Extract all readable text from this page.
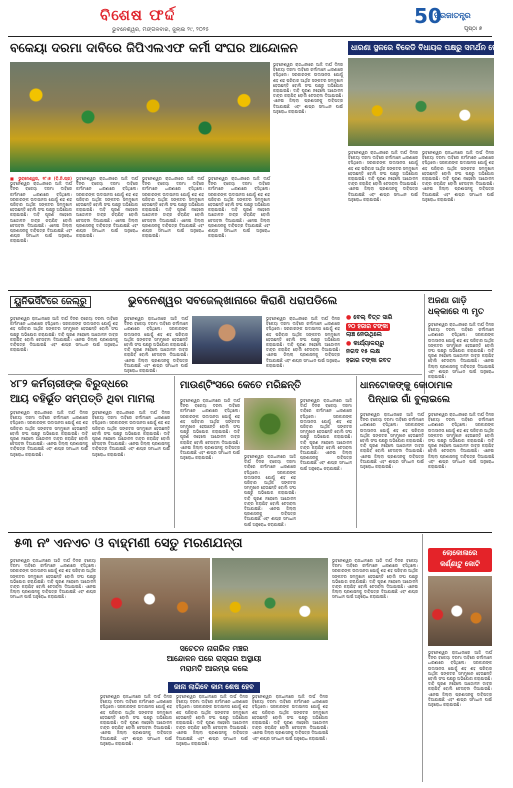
ବିଶେଷ ଫର୍ଦ୍ଦ
ଭୁବନେଶ୍ୱର, ମଙ୍ଗଳବାର, ଜୁଲାଇ ୨୯, ୨୦୨୫
50
ପ୍ରଜାତନ୍ତ୍ର
ପୃଷ୍ଠା ୭
ବକେୟା ଦରମା ଦାବିରେ ଜିପିଏଲଏଫ କର୍ମୀ ସଂଘର ଆନ୍ଦୋଳନ
ଭୁବନେଶ୍ୱର ରାଜଧାନୀରେ ଆଜି ଦୀର୍ଘ ଦିନର ବକେୟା ଦରମା ଦାବିରେ କର୍ମୀମାନେ ଧାରଣାରେ ବସିଥିଲେ। ସରକାରଙ୍କ ଉଦାସୀନତା ଯୋଗୁଁ ଶହ ଶହ ପରିବାର ଆର୍ଥିକ ସଙ୍କଟର ସମ୍ମୁଖୀନ ହେଉଛନ୍ତି ବୋଲି ସଂଘ ପକ୍ଷରୁ ଅଭିଯୋଗ କରାଯାଇଛି। ଦାବି ପୂରଣ ନହେଲେ ଆନ୍ଦୋଳନ ତୀବ୍ର କରାଯିବ ବୋଲି ଚେତାବନୀ ଦିଆଯାଇଛି। ଏନେଇ ଜିଲ୍ଲା ପ୍ରଶାସନକୁ ଦାବିପତ୍ର ଦିଆଯାଇଛି ଏବଂ ଶୀଘ୍ର ସମାଧାନ ପାଇଁ ଅନୁରୋଧ କରାଯାଇଛି।
■ ଭୁବନେଶ୍ୱର, ୨୮।୭ (ବି.ନି.ପ୍ର) ଭୁବନେଶ୍ୱର ରାଜଧାନୀରେ ଆଜି ଦୀର୍ଘ ଦିନର ବକେୟା ଦରମା ଦାବିରେ କର୍ମୀମାନେ ଧାରଣାରେ ବସିଥିଲେ। ସରକାରଙ୍କ ଉଦାସୀନତା ଯୋଗୁଁ ଶହ ଶହ ପରିବାର ଆର୍ଥିକ ସଙ୍କଟର ସମ୍ମୁଖୀନ ହେଉଛନ୍ତି ବୋଲି ସଂଘ ପକ୍ଷରୁ ଅଭିଯୋଗ କରାଯାଇଛି। ଦାବି ପୂରଣ ନହେଲେ ଆନ୍ଦୋଳନ ତୀବ୍ର କରାଯିବ ବୋଲି ଚେତାବନୀ ଦିଆଯାଇଛି। ଏନେଇ ଜିଲ୍ଲା ପ୍ରଶାସନକୁ ଦାବିପତ୍ର ଦିଆଯାଇଛି ଏବଂ ଶୀଘ୍ର ସମାଧାନ ପାଇଁ ଅନୁରୋଧ କରାଯାଇଛି।
ଭୁବନେଶ୍ୱର ରାଜଧାନୀରେ ଆଜି ଦୀର୍ଘ ଦିନର ବକେୟା ଦରମା ଦାବିରେ କର୍ମୀମାନେ ଧାରଣାରେ ବସିଥିଲେ। ସରକାରଙ୍କ ଉଦାସୀନତା ଯୋଗୁଁ ଶହ ଶହ ପରିବାର ଆର୍ଥିକ ସଙ୍କଟର ସମ୍ମୁଖୀନ ହେଉଛନ୍ତି ବୋଲି ସଂଘ ପକ୍ଷରୁ ଅଭିଯୋଗ କରାଯାଇଛି। ଦାବି ପୂରଣ ନହେଲେ ଆନ୍ଦୋଳନ ତୀବ୍ର କରାଯିବ ବୋଲି ଚେତାବନୀ ଦିଆଯାଇଛି। ଏନେଇ ଜିଲ୍ଲା ପ୍ରଶାସନକୁ ଦାବିପତ୍ର ଦିଆଯାଇଛି ଏବଂ ଶୀଘ୍ର ସମାଧାନ ପାଇଁ ଅନୁରୋଧ କରାଯାଇଛି।
ଭୁବନେଶ୍ୱର ରାଜଧାନୀରେ ଆଜି ଦୀର୍ଘ ଦିନର ବକେୟା ଦରମା ଦାବିରେ କର୍ମୀମାନେ ଧାରଣାରେ ବସିଥିଲେ। ସରକାରଙ୍କ ଉଦାସୀନତା ଯୋଗୁଁ ଶହ ଶହ ପରିବାର ଆର୍ଥିକ ସଙ୍କଟର ସମ୍ମୁଖୀନ ହେଉଛନ୍ତି ବୋଲି ସଂଘ ପକ୍ଷରୁ ଅଭିଯୋଗ କରାଯାଇଛି। ଦାବି ପୂରଣ ନହେଲେ ଆନ୍ଦୋଳନ ତୀବ୍ର କରାଯିବ ବୋଲି ଚେତାବନୀ ଦିଆଯାଇଛି। ଏନେଇ ଜିଲ୍ଲା ପ୍ରଶାସନକୁ ଦାବିପତ୍ର ଦିଆଯାଇଛି ଏବଂ ଶୀଘ୍ର ସମାଧାନ ପାଇଁ ଅନୁରୋଧ କରାଯାଇଛି।
ଭୁବନେଶ୍ୱର ରାଜଧାନୀରେ ଆଜି ଦୀର୍ଘ ଦିନର ବକେୟା ଦରମା ଦାବିରେ କର୍ମୀମାନେ ଧାରଣାରେ ବସିଥିଲେ। ସରକାରଙ୍କ ଉଦାସୀନତା ଯୋଗୁଁ ଶହ ଶହ ପରିବାର ଆର୍ଥିକ ସଙ୍କଟର ସମ୍ମୁଖୀନ ହେଉଛନ୍ତି ବୋଲି ସଂଘ ପକ୍ଷରୁ ଅଭିଯୋଗ କରାଯାଇଛି। ଦାବି ପୂରଣ ନହେଲେ ଆନ୍ଦୋଳନ ତୀବ୍ର କରାଯିବ ବୋଲି ଚେତାବନୀ ଦିଆଯାଇଛି। ଏନେଇ ଜିଲ୍ଲା ପ୍ରଶାସନକୁ ଦାବିପତ୍ର ଦିଆଯାଇଛି ଏବଂ ଶୀଘ୍ର ସମାଧାନ ପାଇଁ ଅନୁରୋଧ କରାଯାଇଛି।
ଧାରଣା ସ୍ଥଳରେ ବିକେଡି ବିଧାୟକ ପକ୍ଷରୁ ସମର୍ଥନ ଘୋଷଣା
ଭୁବନେଶ୍ୱର ରାଜଧାନୀରେ ଆଜି ଦୀର୍ଘ ଦିନର ବକେୟା ଦରମା ଦାବିରେ କର୍ମୀମାନେ ଧାରଣାରେ ବସିଥିଲେ। ସରକାରଙ୍କ ଉଦାସୀନତା ଯୋଗୁଁ ଶହ ଶହ ପରିବାର ଆର୍ଥିକ ସଙ୍କଟର ସମ୍ମୁଖୀନ ହେଉଛନ୍ତି ବୋଲି ସଂଘ ପକ୍ଷରୁ ଅଭିଯୋଗ କରାଯାଇଛି। ଦାବି ପୂରଣ ନହେଲେ ଆନ୍ଦୋଳନ ତୀବ୍ର କରାଯିବ ବୋଲି ଚେତାବନୀ ଦିଆଯାଇଛି। ଏନେଇ ଜିଲ୍ଲା ପ୍ରଶାସନକୁ ଦାବିପତ୍ର ଦିଆଯାଇଛି ଏବଂ ଶୀଘ୍ର ସମାଧାନ ପାଇଁ ଅନୁରୋଧ କରାଯାଇଛି।
ଭୁବନେଶ୍ୱର ରାଜଧାନୀରେ ଆଜି ଦୀର୍ଘ ଦିନର ବକେୟା ଦରମା ଦାବିରେ କର୍ମୀମାନେ ଧାରଣାରେ ବସିଥିଲେ। ସରକାରଙ୍କ ଉଦାସୀନତା ଯୋଗୁଁ ଶହ ଶହ ପରିବାର ଆର୍ଥିକ ସଙ୍କଟର ସମ୍ମୁଖୀନ ହେଉଛନ୍ତି ବୋଲି ସଂଘ ପକ୍ଷରୁ ଅଭିଯୋଗ କରାଯାଇଛି। ଦାବି ପୂରଣ ନହେଲେ ଆନ୍ଦୋଳନ ତୀବ୍ର କରାଯିବ ବୋଲି ଚେତାବନୀ ଦିଆଯାଇଛି। ଏନେଇ ଜିଲ୍ଲା ପ୍ରଶାସନକୁ ଦାବିପତ୍ର ଦିଆଯାଇଛି ଏବଂ ଶୀଘ୍ର ସମାଧାନ ପାଇଁ ଅନୁରୋଧ କରାଯାଇଛି।
ୟୁନିଭର୍ସିଟିରେ ଜେଲ୍ରୁ	ଭୁବନେଶ୍ୱର ସବଜେଲ୍ଖାନାରେ କିରାଣି ଧରାପଡିଲେ
ଭୁବନେଶ୍ୱର ରାଜଧାନୀରେ ଆଜି ଦୀର୍ଘ ଦିନର ବକେୟା ଦରମା ଦାବିରେ କର୍ମୀମାନେ ଧାରଣାରେ ବସିଥିଲେ। ସରକାରଙ୍କ ଉଦାସୀନତା ଯୋଗୁଁ ଶହ ଶହ ପରିବାର ଆର୍ଥିକ ସଙ୍କଟର ସମ୍ମୁଖୀନ ହେଉଛନ୍ତି ବୋଲି ସଂଘ ପକ୍ଷରୁ ଅଭିଯୋଗ କରାଯାଇଛି। ଦାବି ପୂରଣ ନହେଲେ ଆନ୍ଦୋଳନ ତୀବ୍ର କରାଯିବ ବୋଲି ଚେତାବନୀ ଦିଆଯାଇଛି। ଏନେଇ ଜିଲ୍ଲା ପ୍ରଶାସନକୁ ଦାବିପତ୍ର ଦିଆଯାଇଛି ଏବଂ ଶୀଘ୍ର ସମାଧାନ ପାଇଁ ଅନୁରୋଧ କରାଯାଇଛି।
ଭୁବନେଶ୍ୱର ରାଜଧାନୀରେ ଆଜି ଦୀର୍ଘ ଦିନର ବକେୟା ଦରମା ଦାବିରେ କର୍ମୀମାନେ ଧାରଣାରେ ବସିଥିଲେ। ସରକାରଙ୍କ ଉଦାସୀନତା ଯୋଗୁଁ ଶହ ଶହ ପରିବାର ଆର୍ଥିକ ସଙ୍କଟର ସମ୍ମୁଖୀନ ହେଉଛନ୍ତି ବୋଲି ସଂଘ ପକ୍ଷରୁ ଅଭିଯୋଗ କରାଯାଇଛି। ଦାବି ପୂରଣ ନହେଲେ ଆନ୍ଦୋଳନ ତୀବ୍ର କରାଯିବ ବୋଲି ଚେତାବନୀ ଦିଆଯାଇଛି। ଏନେଇ ଜିଲ୍ଲା ପ୍ରଶାସନକୁ ଦାବିପତ୍ର ଦିଆଯାଇଛି ଏବଂ ଶୀଘ୍ର ସମାଧାନ ପାଇଁ ଅନୁରୋଧ କରାଯାଇଛି।
ଭୁବନେଶ୍ୱର ରାଜଧାନୀରେ ଆଜି ଦୀର୍ଘ ଦିନର ବକେୟା ଦରମା ଦାବିରେ କର୍ମୀମାନେ ଧାରଣାରେ ବସିଥିଲେ। ସରକାରଙ୍କ ଉଦାସୀନତା ଯୋଗୁଁ ଶହ ଶହ ପରିବାର ଆର୍ଥିକ ସଙ୍କଟର ସମ୍ମୁଖୀନ ହେଉଛନ୍ତି ବୋଲି ସଂଘ ପକ୍ଷରୁ ଅଭିଯୋଗ କରାଯାଇଛି। ଦାବି ପୂରଣ ନହେଲେ ଆନ୍ଦୋଳନ ତୀବ୍ର କରାଯିବ ବୋଲି ଚେତାବନୀ ଦିଆଯାଇଛି। ଏନେଇ ଜିଲ୍ଲା ପ୍ରଶାସନକୁ ଦାବିପତ୍ର ଦିଆଯାଇଛି ଏବଂ ଶୀଘ୍ର ସମାଧାନ ପାଇଁ ଅନୁରୋଧ କରାଯାଇଛି।
● ବେଲ୍ ବିତ୍ତ ସାରି
୨୦ ହଜାର ଟଙ୍କା
ଲାଞ୍ଚ ନେଉଥିଲେ
● କାର୍ଯ୍ୟାଳୟରୁ
ନଗଦ ୧୫ ଲକ୍ଷ
ହଜାର ଟଙ୍କା ଜବତ
ଅଜଣା ଗାଡ଼ି ଧକ୍କାରେ ୩ ମୃତ
ଭୁବନେଶ୍ୱର ରାଜଧାନୀରେ ଆଜି ଦୀର୍ଘ ଦିନର ବକେୟା ଦରମା ଦାବିରେ କର୍ମୀମାନେ ଧାରଣାରେ ବସିଥିଲେ। ସରକାରଙ୍କ ଉଦାସୀନତା ଯୋଗୁଁ ଶହ ଶହ ପରିବାର ଆର୍ଥିକ ସଙ୍କଟର ସମ୍ମୁଖୀନ ହେଉଛନ୍ତି ବୋଲି ସଂଘ ପକ୍ଷରୁ ଅଭିଯୋଗ କରାଯାଇଛି। ଦାବି ପୂରଣ ନହେଲେ ଆନ୍ଦୋଳନ ତୀବ୍ର କରାଯିବ ବୋଲି ଚେତାବନୀ ଦିଆଯାଇଛି। ଏନେଇ ଜିଲ୍ଲା ପ୍ରଶାସନକୁ ଦାବିପତ୍ର ଦିଆଯାଇଛି ଏବଂ ଶୀଘ୍ର ସମାଧାନ ପାଇଁ ଅନୁରୋଧ କରାଯାଇଛି।
୪୮୨ କର୍ମଚାରୀଙ୍କ ବିରୁଦ୍ଧରେ
ଆୟ ବହିର୍ଭୂତ ସମ୍ପତ୍ତି ଥିବା ମାମଲା
ଭୁବନେଶ୍ୱର ରାଜଧାନୀରେ ଆଜି ଦୀର୍ଘ ଦିନର ବକେୟା ଦରମା ଦାବିରେ କର୍ମୀମାନେ ଧାରଣାରେ ବସିଥିଲେ। ସରକାରଙ୍କ ଉଦାସୀନତା ଯୋଗୁଁ ଶହ ଶହ ପରିବାର ଆର୍ଥିକ ସଙ୍କଟର ସମ୍ମୁଖୀନ ହେଉଛନ୍ତି ବୋଲି ସଂଘ ପକ୍ଷରୁ ଅଭିଯୋଗ କରାଯାଇଛି। ଦାବି ପୂରଣ ନହେଲେ ଆନ୍ଦୋଳନ ତୀବ୍ର କରାଯିବ ବୋଲି ଚେତାବନୀ ଦିଆଯାଇଛି। ଏନେଇ ଜିଲ୍ଲା ପ୍ରଶାସନକୁ ଦାବିପତ୍ର ଦିଆଯାଇଛି ଏବଂ ଶୀଘ୍ର ସମାଧାନ ପାଇଁ ଅନୁରୋଧ କରାଯାଇଛି।
ଭୁବନେଶ୍ୱର ରାଜଧାନୀରେ ଆଜି ଦୀର୍ଘ ଦିନର ବକେୟା ଦରମା ଦାବିରେ କର୍ମୀମାନେ ଧାରଣାରେ ବସିଥିଲେ। ସରକାରଙ୍କ ଉଦାସୀନତା ଯୋଗୁଁ ଶହ ଶହ ପରିବାର ଆର୍ଥିକ ସଙ୍କଟର ସମ୍ମୁଖୀନ ହେଉଛନ୍ତି ବୋଲି ସଂଘ ପକ୍ଷରୁ ଅଭିଯୋଗ କରାଯାଇଛି। ଦାବି ପୂରଣ ନହେଲେ ଆନ୍ଦୋଳନ ତୀବ୍ର କରାଯିବ ବୋଲି ଚେତାବନୀ ଦିଆଯାଇଛି। ଏନେଇ ଜିଲ୍ଲା ପ୍ରଶାସନକୁ ଦାବିପତ୍ର ଦିଆଯାଇଛି ଏବଂ ଶୀଘ୍ର ସମାଧାନ ପାଇଁ ଅନୁରୋଧ କରାଯାଇଛି।
ମାଉଣ୍ଟିଂସରେ କେତେ ମରିଛନ୍ତି
ଭୁବନେଶ୍ୱର ରାଜଧାନୀରେ ଆଜି ଦୀର୍ଘ ଦିନର ବକେୟା ଦରମା ଦାବିରେ କର୍ମୀମାନେ ଧାରଣାରେ ବସିଥିଲେ। ସରକାରଙ୍କ ଉଦାସୀନତା ଯୋଗୁଁ ଶହ ଶହ ପରିବାର ଆର୍ଥିକ ସଙ୍କଟର ସମ୍ମୁଖୀନ ହେଉଛନ୍ତି ବୋଲି ସଂଘ ପକ୍ଷରୁ ଅଭିଯୋଗ କରାଯାଇଛି। ଦାବି ପୂରଣ ନହେଲେ ଆନ୍ଦୋଳନ ତୀବ୍ର କରାଯିବ ବୋଲି ଚେତାବନୀ ଦିଆଯାଇଛି। ଏନେଇ ଜିଲ୍ଲା ପ୍ରଶାସନକୁ ଦାବିପତ୍ର ଦିଆଯାଇଛି ଏବଂ ଶୀଘ୍ର ସମାଧାନ ପାଇଁ ଅନୁରୋଧ କରାଯାଇଛି।	ଭୁବନେଶ୍ୱର ରାଜଧାନୀରେ ଆଜି ଦୀର୍ଘ ଦିନର ବକେୟା ଦରମା ଦାବିରେ କର୍ମୀମାନେ ଧାରଣାରେ ବସିଥିଲେ। ସରକାରଙ୍କ ଉଦାସୀନତା ଯୋଗୁଁ ଶହ ଶହ ପରିବାର ଆର୍ଥିକ ସଙ୍କଟର ସମ୍ମୁଖୀନ ହେଉଛନ୍ତି ବୋଲି ସଂଘ ପକ୍ଷରୁ ଅଭିଯୋଗ କରାଯାଇଛି। ଦାବି ପୂରଣ ନହେଲେ ଆନ୍ଦୋଳନ ତୀବ୍ର କରାଯିବ ବୋଲି ଚେତାବନୀ ଦିଆଯାଇଛି। ଏନେଇ ଜିଲ୍ଲା ପ୍ରଶାସନକୁ ଦାବିପତ୍ର ଦିଆଯାଇଛି ଏବଂ ଶୀଘ୍ର ସମାଧାନ ପାଇଁ ଅନୁରୋଧ କରାଯାଇଛି।
ଭୁବନେଶ୍ୱର ରାଜଧାନୀରେ ଆଜି ଦୀର୍ଘ ଦିନର ବକେୟା ଦରମା ଦାବିରେ କର୍ମୀମାନେ ଧାରଣାରେ ବସିଥିଲେ। ସରକାରଙ୍କ ଉଦାସୀନତା ଯୋଗୁଁ ଶହ ଶହ ପରିବାର ଆର୍ଥିକ ସଙ୍କଟର ସମ୍ମୁଖୀନ ହେଉଛନ୍ତି ବୋଲି ସଂଘ ପକ୍ଷରୁ ଅଭିଯୋଗ କରାଯାଇଛି। ଦାବି ପୂରଣ ନହେଲେ ଆନ୍ଦୋଳନ ତୀବ୍ର କରାଯିବ ବୋଲି ଚେତାବନୀ ଦିଆଯାଇଛି। ଏନେଇ ଜିଲ୍ଲା ପ୍ରଶାସନକୁ ଦାବିପତ୍ର ଦିଆଯାଇଛି ଏବଂ ଶୀଘ୍ର ସମାଧାନ ପାଇଁ ଅନୁରୋଧ କରାଯାଇଛି।
ଧାନଟୋକଙ୍କୁ କୋଠାମାଳ
ପିନ୍ଧାଇ ଗାଁ ବୁଲାଇଲେ
ଭୁବନେଶ୍ୱର ରାଜଧାନୀରେ ଆଜି ଦୀର୍ଘ ଦିନର ବକେୟା ଦରମା ଦାବିରେ କର୍ମୀମାନେ ଧାରଣାରେ ବସିଥିଲେ। ସରକାରଙ୍କ ଉଦାସୀନତା ଯୋଗୁଁ ଶହ ଶହ ପରିବାର ଆର୍ଥିକ ସଙ୍କଟର ସମ୍ମୁଖୀନ ହେଉଛନ୍ତି ବୋଲି ସଂଘ ପକ୍ଷରୁ ଅଭିଯୋଗ କରାଯାଇଛି। ଦାବି ପୂରଣ ନହେଲେ ଆନ୍ଦୋଳନ ତୀବ୍ର କରାଯିବ ବୋଲି ଚେତାବନୀ ଦିଆଯାଇଛି। ଏନେଇ ଜିଲ୍ଲା ପ୍ରଶାସନକୁ ଦାବିପତ୍ର ଦିଆଯାଇଛି ଏବଂ ଶୀଘ୍ର ସମାଧାନ ପାଇଁ ଅନୁରୋଧ କରାଯାଇଛି।
ଭୁବନେଶ୍ୱର ରାଜଧାନୀରେ ଆଜି ଦୀର୍ଘ ଦିନର ବକେୟା ଦରମା ଦାବିରେ କର୍ମୀମାନେ ଧାରଣାରେ ବସିଥିଲେ। ସରକାରଙ୍କ ଉଦାସୀନତା ଯୋଗୁଁ ଶହ ଶହ ପରିବାର ଆର୍ଥିକ ସଙ୍କଟର ସମ୍ମୁଖୀନ ହେଉଛନ୍ତି ବୋଲି ସଂଘ ପକ୍ଷରୁ ଅଭିଯୋଗ କରାଯାଇଛି। ଦାବି ପୂରଣ ନହେଲେ ଆନ୍ଦୋଳନ ତୀବ୍ର କରାଯିବ ବୋଲି ଚେତାବନୀ ଦିଆଯାଇଛି। ଏନେଇ ଜିଲ୍ଲା ପ୍ରଶାସନକୁ ଦାବିପତ୍ର ଦିଆଯାଇଛି ଏବଂ ଶୀଘ୍ର ସମାଧାନ ପାଇଁ ଅନୁରୋଧ କରାଯାଇଛି।
୫୩ ନଂ ଏନଏଚ ଓ ବାହ୍ମଣୀ ସେତୁ ମରଣଯନ୍ତା
ଭୁବନେଶ୍ୱର ରାଜଧାନୀରେ ଆଜି ଦୀର୍ଘ ଦିନର ବକେୟା ଦରମା ଦାବିରେ କର୍ମୀମାନେ ଧାରଣାରେ ବସିଥିଲେ। ସରକାରଙ୍କ ଉଦାସୀନତା ଯୋଗୁଁ ଶହ ଶହ ପରିବାର ଆର୍ଥିକ ସଙ୍କଟର ସମ୍ମୁଖୀନ ହେଉଛନ୍ତି ବୋଲି ସଂଘ ପକ୍ଷରୁ ଅଭିଯୋଗ କରାଯାଇଛି। ଦାବି ପୂରଣ ନହେଲେ ଆନ୍ଦୋଳନ ତୀବ୍ର କରାଯିବ ବୋଲି ଚେତାବନୀ ଦିଆଯାଇଛି। ଏନେଇ ଜିଲ୍ଲା ପ୍ରଶାସନକୁ ଦାବିପତ୍ର ଦିଆଯାଇଛି ଏବଂ ଶୀଘ୍ର ସମାଧାନ ପାଇଁ ଅନୁରୋଧ କରାଯାଇଛି।
ସଚେତନ ନାଗରିକ ମଞ୍ଚର
ଆନ୍ଦୋଳନ ପରେ ରାସ୍ତାର ଅସ୍ଥାୟୀ
ମରାମତି ଆରମ୍ଭ କଲେ
ଜାନା ଲାଗିବେ କାମ ଶେଷ ହେବ
ଭୁବନେଶ୍ୱର ରାଜଧାନୀରେ ଆଜି ଦୀର୍ଘ ଦିନର ବକେୟା ଦରମା ଦାବିରେ କର୍ମୀମାନେ ଧାରଣାରେ ବସିଥିଲେ। ସରକାରଙ୍କ ଉଦାସୀନତା ଯୋଗୁଁ ଶହ ଶହ ପରିବାର ଆର୍ଥିକ ସଙ୍କଟର ସମ୍ମୁଖୀନ ହେଉଛନ୍ତି ବୋଲି ସଂଘ ପକ୍ଷରୁ ଅଭିଯୋଗ କରାଯାଇଛି। ଦାବି ପୂରଣ ନହେଲେ ଆନ୍ଦୋଳନ ତୀବ୍ର କରାଯିବ ବୋଲି ଚେତାବନୀ ଦିଆଯାଇଛି। ଏନେଇ ଜିଲ୍ଲା ପ୍ରଶାସନକୁ ଦାବିପତ୍ର ଦିଆଯାଇଛି ଏବଂ ଶୀଘ୍ର ସମାଧାନ ପାଇଁ ଅନୁରୋଧ କରାଯାଇଛି।
ଭୁବନେଶ୍ୱର ରାଜଧାନୀରେ ଆଜି ଦୀର୍ଘ ଦିନର ବକେୟା ଦରମା ଦାବିରେ କର୍ମୀମାନେ ଧାରଣାରେ ବସିଥିଲେ। ସରକାରଙ୍କ ଉଦାସୀନତା ଯୋଗୁଁ ଶହ ଶହ ପରିବାର ଆର୍ଥିକ ସଙ୍କଟର ସମ୍ମୁଖୀନ ହେଉଛନ୍ତି ବୋଲି ସଂଘ ପକ୍ଷରୁ ଅଭିଯୋଗ କରାଯାଇଛି। ଦାବି ପୂରଣ ନହେଲେ ଆନ୍ଦୋଳନ ତୀବ୍ର କରାଯିବ ବୋଲି ଚେତାବନୀ ଦିଆଯାଇଛି। ଏନେଇ ଜିଲ୍ଲା ପ୍ରଶାସନକୁ ଦାବିପତ୍ର ଦିଆଯାଇଛି ଏବଂ ଶୀଘ୍ର ସମାଧାନ ପାଇଁ ଅନୁରୋଧ କରାଯାଇଛି।
ଭୁବନେଶ୍ୱର ରାଜଧାନୀରେ ଆଜି ଦୀର୍ଘ ଦିନର ବକେୟା ଦରମା ଦାବିରେ କର୍ମୀମାନେ ଧାରଣାରେ ବସିଥିଲେ। ସରକାରଙ୍କ ଉଦାସୀନତା ଯୋଗୁଁ ଶହ ଶହ ପରିବାର ଆର୍ଥିକ ସଙ୍କଟର ସମ୍ମୁଖୀନ ହେଉଛନ୍ତି ବୋଲି ସଂଘ ପକ୍ଷରୁ ଅଭିଯୋଗ କରାଯାଇଛି। ଦାବି ପୂରଣ ନହେଲେ ଆନ୍ଦୋଳନ ତୀବ୍ର କରାଯିବ ବୋଲି ଚେତାବନୀ ଦିଆଯାଇଛି। ଏନେଇ ଜିଲ୍ଲା ପ୍ରଶାସନକୁ ଦାବିପତ୍ର ଦିଆଯାଇଛି ଏବଂ ଶୀଘ୍ର ସମାଧାନ ପାଇଁ ଅନୁରୋଧ କରାଯାଇଛି।
ଭୁବନେଶ୍ୱର ରାଜଧାନୀରେ ଆଜି ଦୀର୍ଘ ଦିନର ବକେୟା ଦରମା ଦାବିରେ କର୍ମୀମାନେ ଧାରଣାରେ ବସିଥିଲେ। ସରକାରଙ୍କ ଉଦାସୀନତା ଯୋଗୁଁ ଶହ ଶହ ପରିବାର ଆର୍ଥିକ ସଙ୍କଟର ସମ୍ମୁଖୀନ ହେଉଛନ୍ତି ବୋଲି ସଂଘ ପକ୍ଷରୁ ଅଭିଯୋଗ କରାଯାଇଛି। ଦାବି ପୂରଣ ନହେଲେ ଆନ୍ଦୋଳନ ତୀବ୍ର କରାଯିବ ବୋଲି ଚେତାବନୀ ଦିଆଯାଇଛି। ଏନେଇ ଜିଲ୍ଲା ପ୍ରଶାସନକୁ ଦାବିପତ୍ର ଦିଆଯାଇଛି ଏବଂ ଶୀଘ୍ର ସମାଧାନ ପାଇଁ ଅନୁରୋଧ କରାଯାଇଛି।
ଲୋକୋଳାରେ
କର୍ଣ୍ଣାଟୁ କୋଟି
ଭୁବନେଶ୍ୱର ରାଜଧାନୀରେ ଆଜି ଦୀର୍ଘ ଦିନର ବକେୟା ଦରମା ଦାବିରେ କର୍ମୀମାନେ ଧାରଣାରେ ବସିଥିଲେ। ସରକାରଙ୍କ ଉଦାସୀନତା ଯୋଗୁଁ ଶହ ଶହ ପରିବାର ଆର୍ଥିକ ସଙ୍କଟର ସମ୍ମୁଖୀନ ହେଉଛନ୍ତି ବୋଲି ସଂଘ ପକ୍ଷରୁ ଅଭିଯୋଗ କରାଯାଇଛି। ଦାବି ପୂରଣ ନହେଲେ ଆନ୍ଦୋଳନ ତୀବ୍ର କରାଯିବ ବୋଲି ଚେତାବନୀ ଦିଆଯାଇଛି। ଏନେଇ ଜିଲ୍ଲା ପ୍ରଶାସନକୁ ଦାବିପତ୍ର ଦିଆଯାଇଛି ଏବଂ ଶୀଘ୍ର ସମାଧାନ ପାଇଁ ଅନୁରୋଧ କରାଯାଇଛି।
